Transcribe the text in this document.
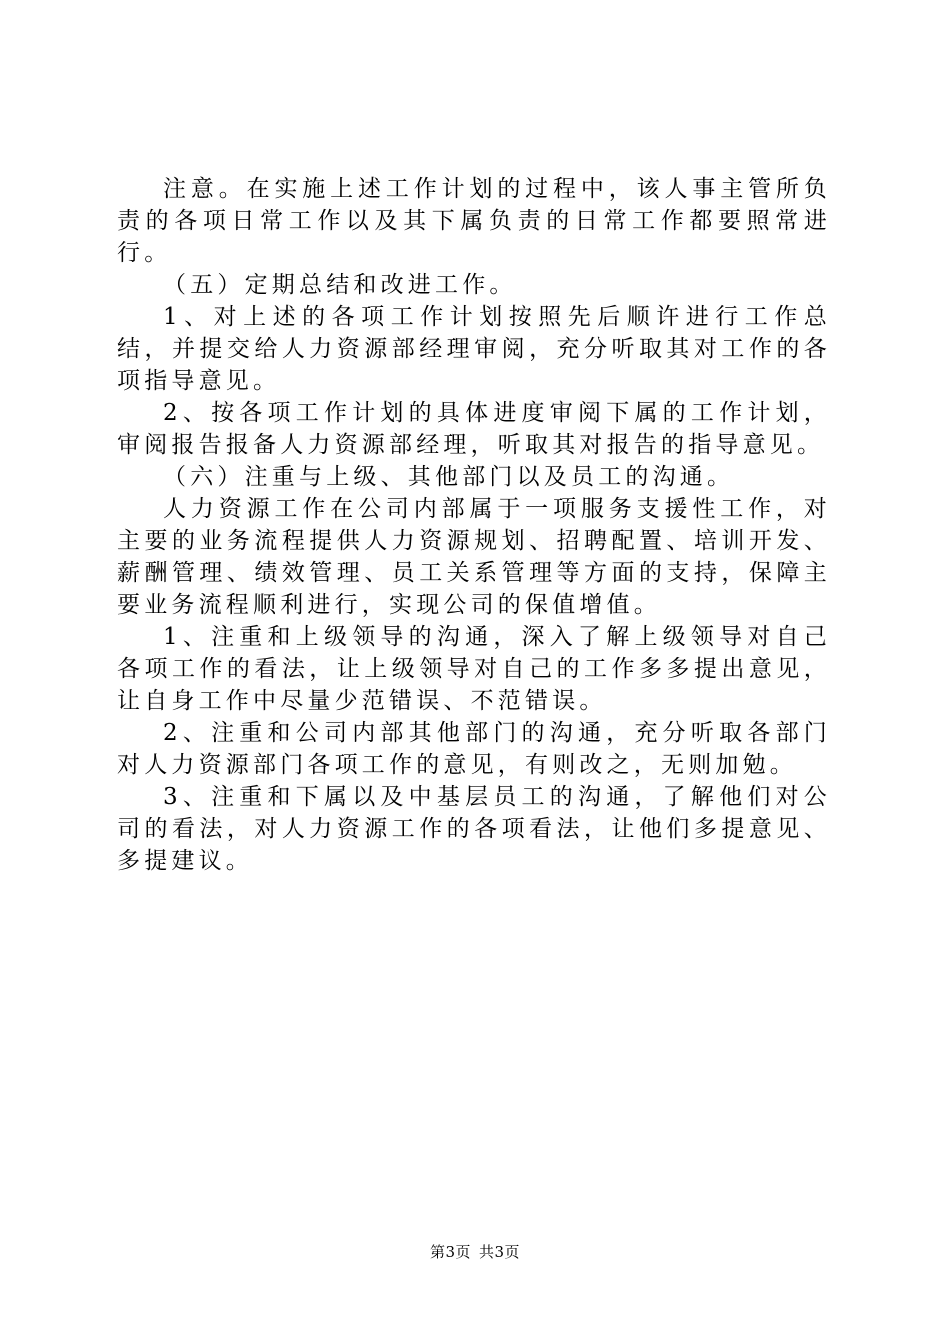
注意。在实施上述工作计划的过程中，该人事主管所负责的各项日常工作以及其下属负责的日常工作都要照常进行。

（五）定期总结和改进工作。

1、对上述的各项工作计划按照先后顺许进行工作总结，并提交给人力资源部经理审阅，充分听取其对工作的各项指导意见。

2、按各项工作计划的具体进度审阅下属的工作计划，审阅报告报备人力资源部经理，听取其对报告的指导意见。

（六）注重与上级、其他部门以及员工的沟通。

人力资源工作在公司内部属于一项服务支援性工作，对主要的业务流程提供人力资源规划、招聘配置、培训开发、薪酬管理、绩效管理、员工关系管理等方面的支持，保障主要业务流程顺利进行，实现公司的保值增值。

1、注重和上级领导的沟通，深入了解上级领导对自己各项工作的看法，让上级领导对自己的工作多多提出意见，让自身工作中尽量少范错误、不范错误。

2、注重和公司内部其他部门的沟通，充分听取各部门对人力资源部门各项工作的意见，有则改之，无则加勉。

3、注重和下属以及中基层员工的沟通，了解他们对公司的看法，对人力资源工作的各项看法，让他们多提意见、多提建议。

第3页 共3页
